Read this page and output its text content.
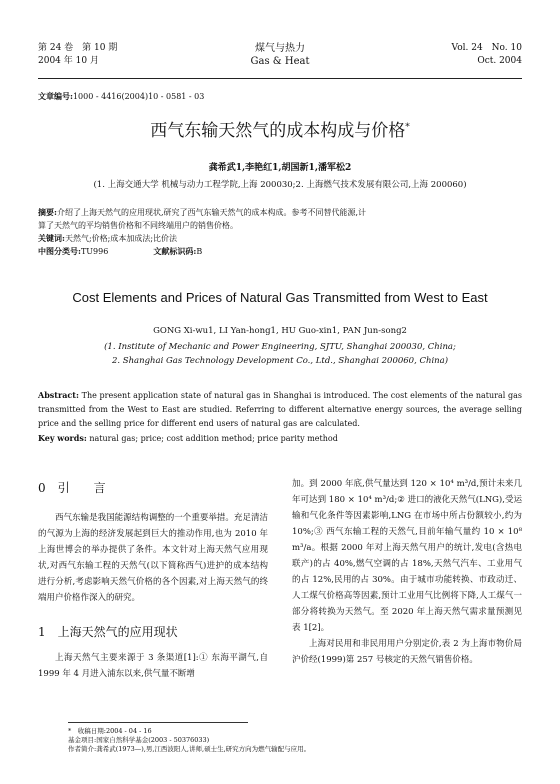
第 24 卷　第 10 期
2004 年 10 月
煤气与热力
Gas & Heat
Vol. 24　No. 10
Oct. 2004
文章编号:1000 - 4416(2004)10 - 0581 - 03
西气东输天然气的成本构成与价格*
龚希武1,李艳红1,胡国新1,潘军松2
(1. 上海交通大学 机械与动力工程学院,上海 200030;2. 上海燃气技术发展有限公司,上海 200060)
摘要:介绍了上海天然气的应用现状,研究了西气东输天然气的成本构成。参考不同替代能源,计
算了天然气的平均销售价格和不同终端用户的销售价格。
关键词:天然气;价格;成本加成法;比价法
中图分类号:TU996	文献标识码:B
Cost Elements and Prices of Natural Gas Transmitted from West to East
GONG Xi-wu1, LI Yan-hong1, HU Guo-xin1, PAN Jun-song2
(1. Institute of Mechanic and Power Engineering, SJTU, Shanghai 200030, China;
2. Shanghai Gas Technology Development Co., Ltd., Shanghai 200060, China)
Abstract: The present application state of natural gas in Shanghai is introduced. The cost elements of the natural gas transmitted from the West to East are studied. Referring to different alternative energy sources, the average selling price and the selling price for different end users of natural gas are calculated.
Key words: natural gas; price; cost addition method; price parity method
0　引　　言

西气东输是我国能源结构调整的一个重要举措。充足清洁的气源为上海的经济发展起到巨大的推动作用,也为 2010 年上海世博会的举办提供了条件。本文针对上海天然气应用现状,对西气东输工程的天然气(以下简称西气)进护的成本结构进行分析,考虑影响天然气价格的各个因素,对上海天然气的终端用户价格作深入的研究。

1　上海天然气的应用现状

上海天然气主要来源于 3 条渠道[1]:① 东海平湖气,自 1999 年 4 月进入浦东以来,供气量不断增

加。到 2000 年底,供气量达到 120 × 10⁴ m³/d,预计未来几年可达到 180 × 10⁴ m³/d;② 进口的液化天然气(LNG),受运输和气化条件等因素影响,LNG 在市场中所占份额较小,约为 10%;③ 西气东输工程的天然气,目前年输气量约 10 × 10⁸ m³/a。根据 2000 年对上海天然气用户的统计,发电(含热电联产)的占 40%,燃气空调的占 18%,天然气汽车、工业用气的占 12%,民用的占 30%。由于城市功能转换、市政动迁、人工煤气价格高等因素,预计工业用气比例将下降,人工煤气一部分将转换为天然气。至 2020 年上海天然气需求量预测见表 1[2]。

上海对民用和非民用用户分别定价,表 2 为上海市物价局沪价经(1999)第 257 号核定的天然气销售价格。

*　收稿日期:2004 - 04 - 16
基金项目:国家自然科学基金(2003 - 50376033)
作者简介:龚希武(1973—),男,江西波阳人,讲师,硕士生,研究方向为燃气输配与应用。
